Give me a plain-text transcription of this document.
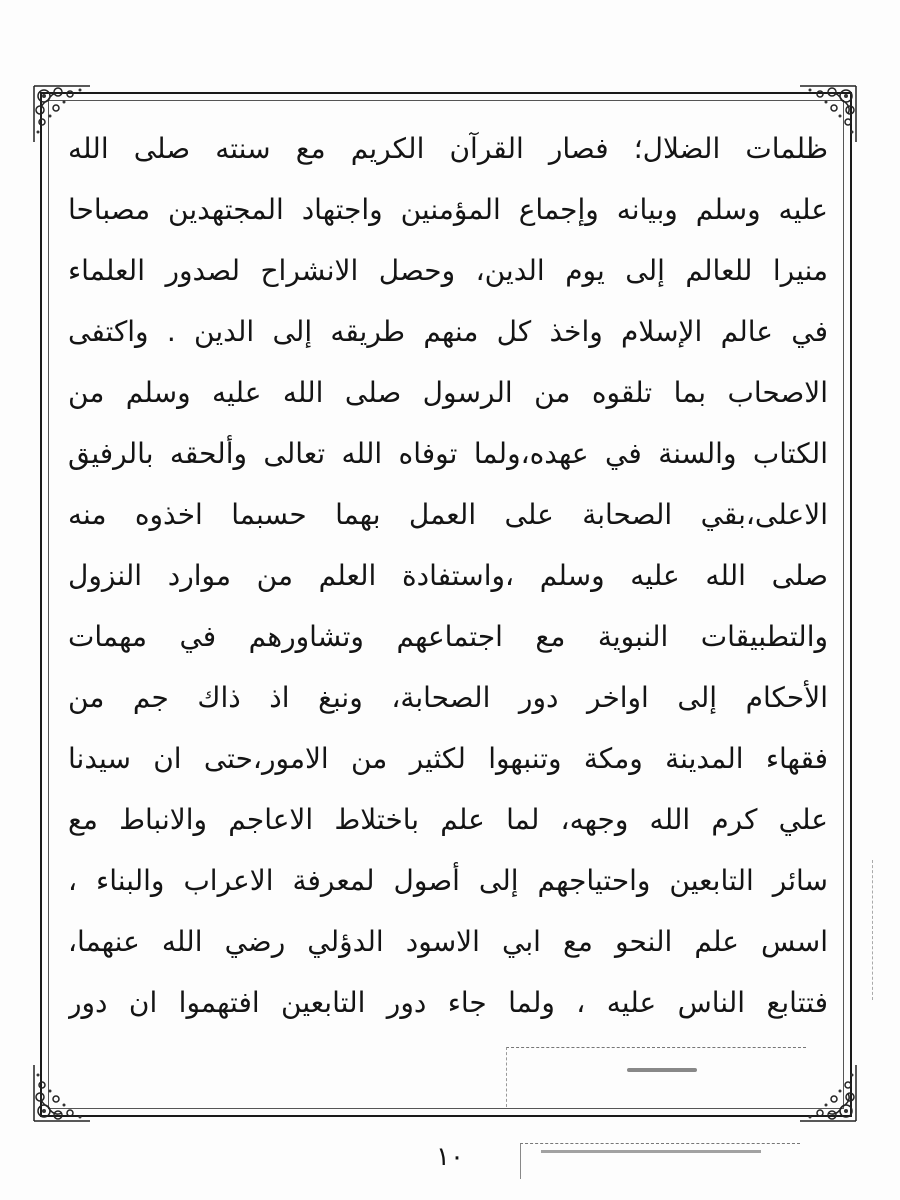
ظلمات الضلال؛ فصار القرآن الكريم مع سنته صلى الله
عليه وسلم وبيانه وإجماع المؤمنين واجتهاد المجتهدين مصباحا
منيرا للعالم إلى يوم الدين، وحصل الانشراح لصدور العلماء
في عالم الإسلام واخذ كل منهم طريقه إلى الدين . واكتفى
الاصحاب بما تلقوه من الرسول صلى الله عليه وسلم من
الكتاب والسنة في عهده،ولما توفاه الله تعالى وألحقه بالرفيق
الاعلى،بقي الصحابة على العمل بهما حسبما اخذوه منه
صلى الله عليه وسلم ،واستفادة العلم من موارد النزول
والتطبيقات النبوية مع اجتماعهم وتشاورهم في مهمات
الأحكام إلى اواخر دور الصحابة، ونبغ اذ ذاك جم من
فقهاء المدينة ومكة وتنبهوا لكثير من الامور،حتى ان سيدنا
علي كرم الله وجهه، لما علم باختلاط الاعاجم والانباط مع
سائر التابعين واحتياجهم إلى أصول لمعرفة الاعراب والبناء ،
اسس علم النحو مع ابي الاسود الدؤلي رضي الله عنهما،
فتتابع الناس عليه ، ولما جاء دور التابعين افتهموا ان دور
١٠
